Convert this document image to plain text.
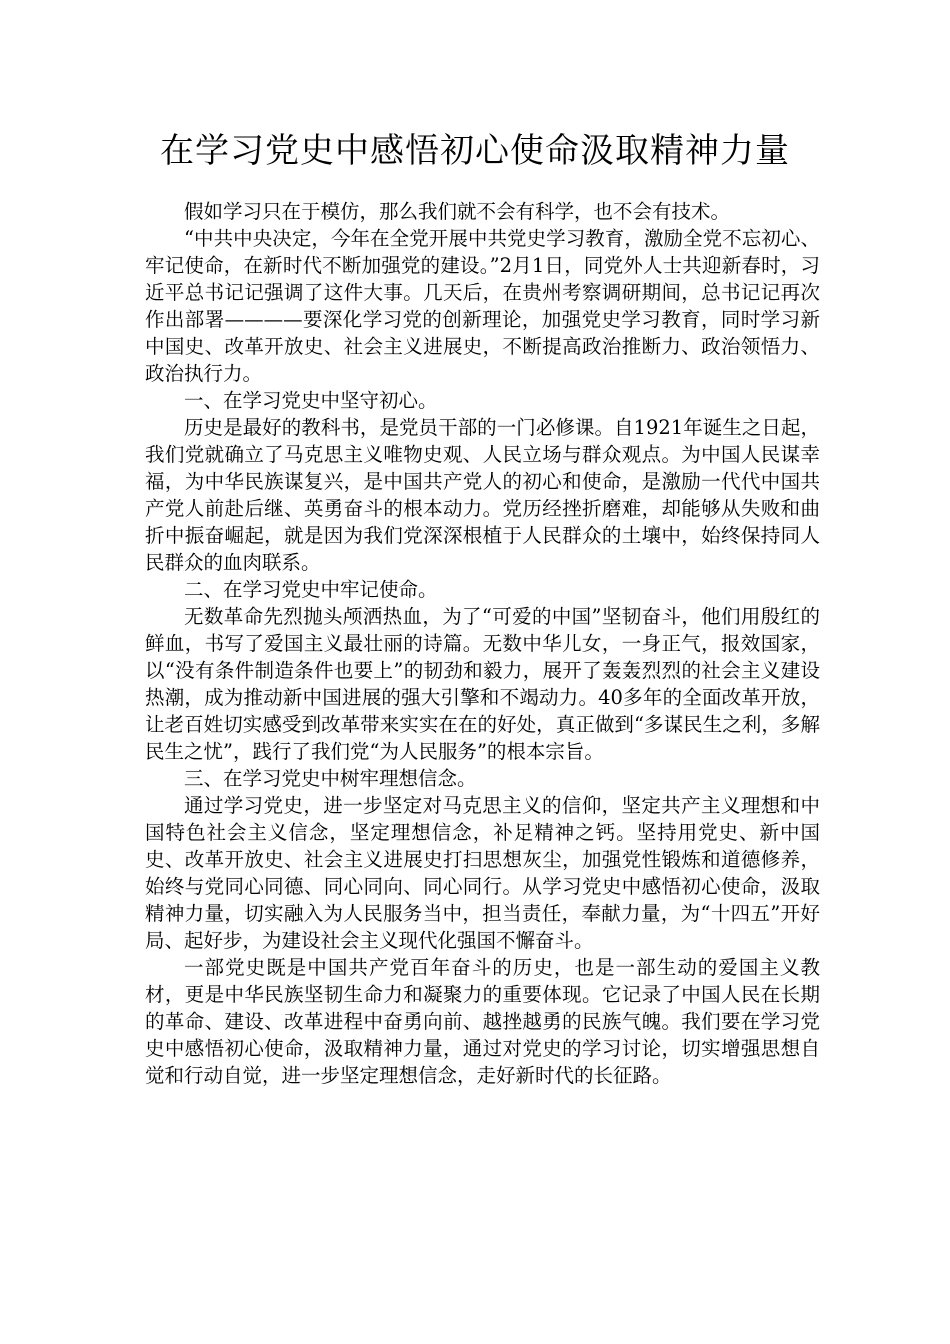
在学习党史中感悟初心使命汲取精神力量

假如学习只在于模仿，那么我们就不会有科学，也不会有技术。

“中共中央决定，今年在全党开展中共党史学习教育，激励全党不忘初心、牢记使命，在新时代不断加强党的建设。”2月1日，同党外人士共迎新春时，习近平总书记记强调了这件大事。几天后，在贵州考察调研期间，总书记记再次作出部署————要深化学习党的创新理论，加强党史学习教育，同时学习新中国史、改革开放史、社会主义进展史，不断提高政治推断力、政治领悟力、政治执行力。

一、在学习党史中坚守初心。

历史是最好的教科书，是党员干部的一门必修课。自1921年诞生之日起，我们党就确立了马克思主义唯物史观、人民立场与群众观点。为中国人民谋幸福，为中华民族谋复兴，是中国共产党人的初心和使命，是激励一代代中国共产党人前赴后继、英勇奋斗的根本动力。党历经挫折磨难，却能够从失败和曲折中振奋崛起，就是因为我们党深深根植于人民群众的土壤中，始终保持同人民群众的血肉联系。

二、在学习党史中牢记使命。

无数革命先烈抛头颅洒热血，为了“可爱的中国”坚韧奋斗，他们用殷红的鲜血，书写了爱国主义最壮丽的诗篇。无数中华儿女，一身正气，报效国家，以“没有条件制造条件也要上”的韧劲和毅力，展开了轰轰烈烈的社会主义建设热潮，成为推动新中国进展的强大引擎和不竭动力。40多年的全面改革开放，让老百姓切实感受到改革带来实实在在的好处，真正做到“多谋民生之利，多解民生之忧”，践行了我们党“为人民服务”的根本宗旨。

三、在学习党史中树牢理想信念。

通过学习党史，进一步坚定对马克思主义的信仰，坚定共产主义理想和中国特色社会主义信念，坚定理想信念，补足精神之钙。坚持用党史、新中国史、改革开放史、社会主义进展史打扫思想灰尘，加强党性锻炼和道德修养，始终与党同心同德、同心同向、同心同行。从学习党史中感悟初心使命，汲取精神力量，切实融入为人民服务当中，担当责任，奉献力量，为“十四五”开好局、起好步，为建设社会主义现代化强国不懈奋斗。

一部党史既是中国共产党百年奋斗的历史，也是一部生动的爱国主义教材，更是中华民族坚韧生命力和凝聚力的重要体现。它记录了中国人民在长期的革命、建设、改革进程中奋勇向前、越挫越勇的民族气魄。我们要在学习党史中感悟初心使命，汲取精神力量，通过对党史的学习讨论，切实增强思想自觉和行动自觉，进一步坚定理想信念，走好新时代的长征路。
